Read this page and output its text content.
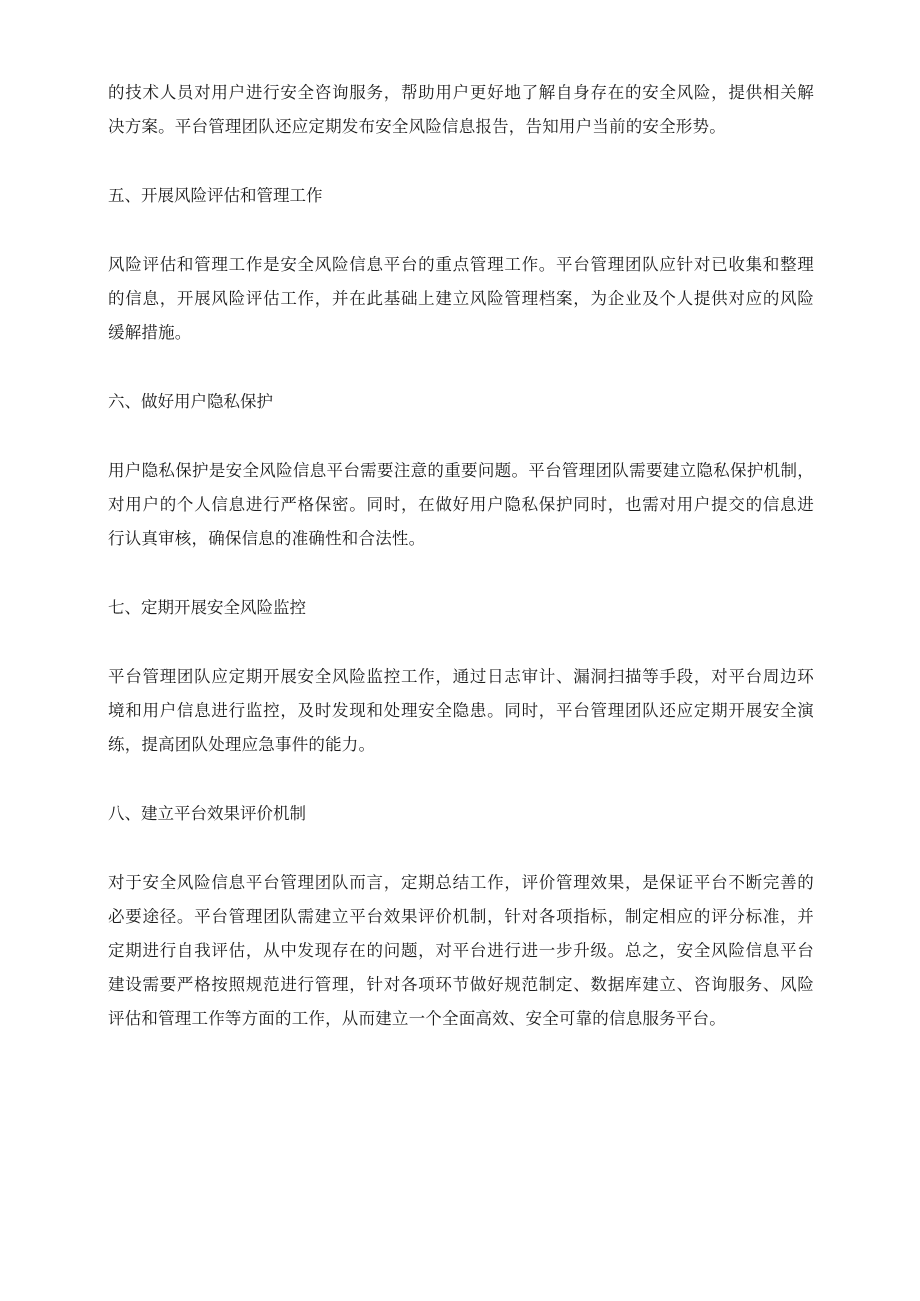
的技术人员对用户进行安全咨询服务，帮助用户更好地了解自身存在的安全风险，提供相关解
决方案。平台管理团队还应定期发布安全风险信息报告，告知用户当前的安全形势。
五、开展风险评估和管理工作
风险评估和管理工作是安全风险信息平台的重点管理工作。平台管理团队应针对已收集和整理
的信息，开展风险评估工作，并在此基础上建立风险管理档案，为企业及个人提供对应的风险
缓解措施。
六、做好用户隐私保护
用户隐私保护是安全风险信息平台需要注意的重要问题。平台管理团队需要建立隐私保护机制，
对用户的个人信息进行严格保密。同时，在做好用户隐私保护同时，也需对用户提交的信息进
行认真审核，确保信息的准确性和合法性。
七、定期开展安全风险监控
平台管理团队应定期开展安全风险监控工作，通过日志审计、漏洞扫描等手段，对平台周边环
境和用户信息进行监控，及时发现和处理安全隐患。同时，平台管理团队还应定期开展安全演
练，提高团队处理应急事件的能力。
八、建立平台效果评价机制
对于安全风险信息平台管理团队而言，定期总结工作，评价管理效果，是保证平台不断完善的
必要途径。平台管理团队需建立平台效果评价机制，针对各项指标，制定相应的评分标准，并
定期进行自我评估，从中发现存在的问题，对平台进行进一步升级。总之，安全风险信息平台
建设需要严格按照规范进行管理，针对各项环节做好规范制定、数据库建立、咨询服务、风险
评估和管理工作等方面的工作，从而建立一个全面高效、安全可靠的信息服务平台。
